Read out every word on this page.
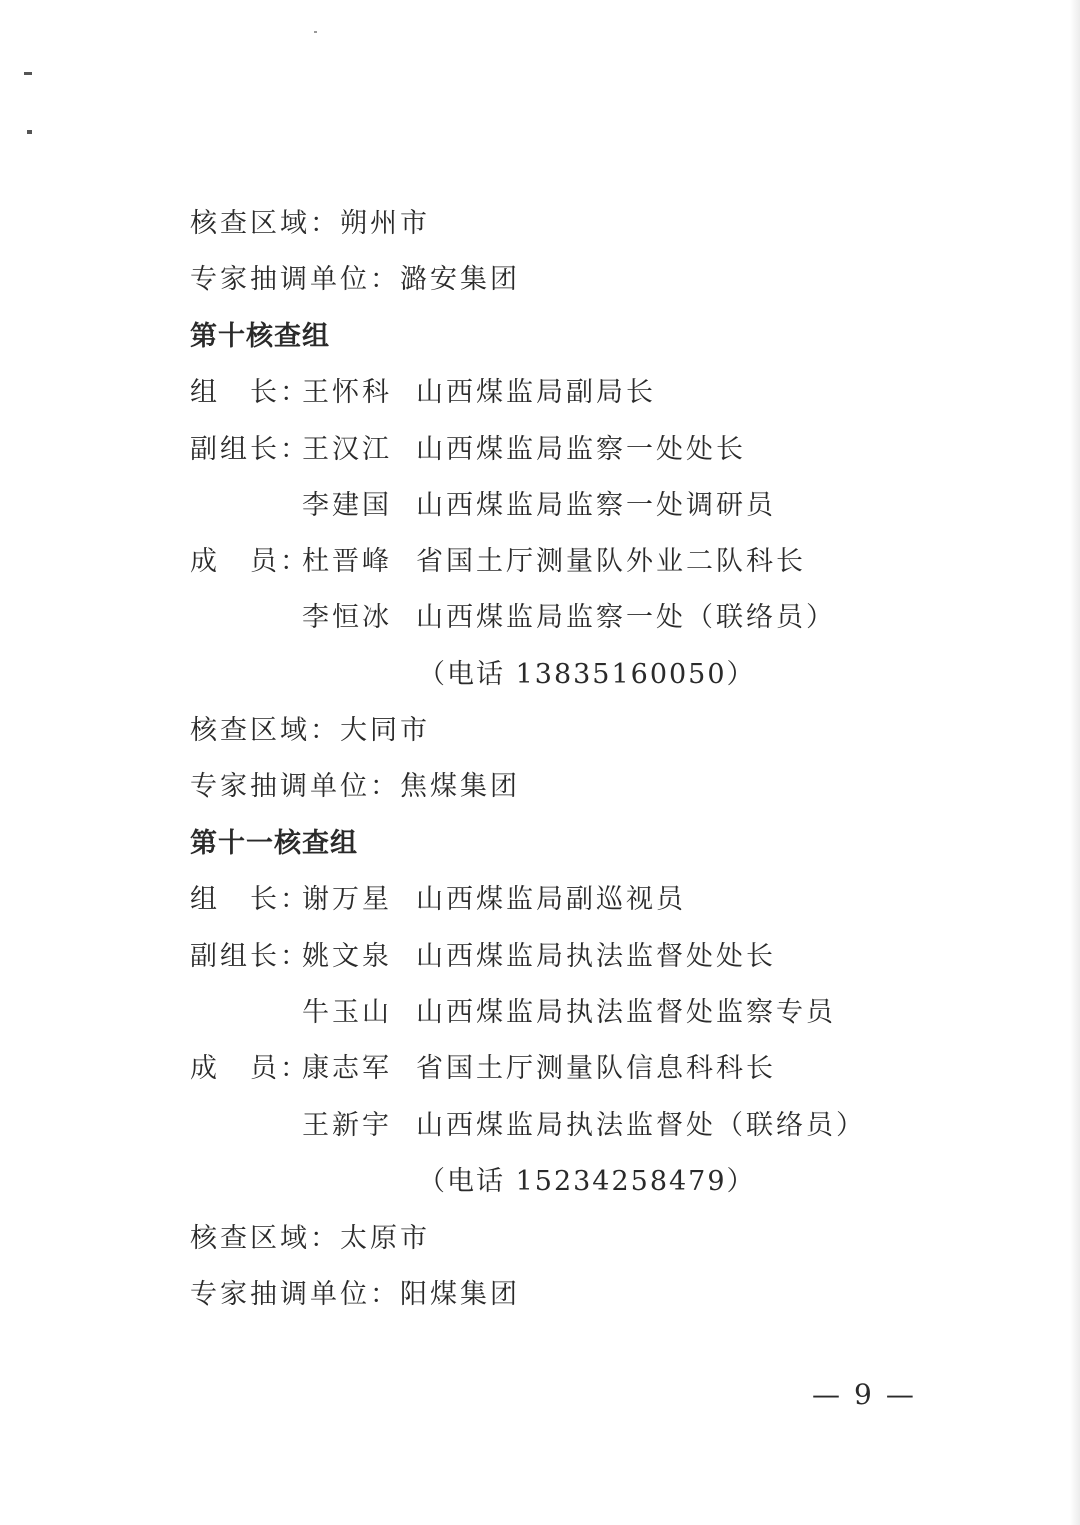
核查区域：朔州市
专家抽调单位：潞安集团
第十核查组
组　长：王怀科 山西煤监局副局长
副组长：王汉江 山西煤监局监察一处处长
李建国 山西煤监局监察一处调研员
成　员：杜晋峰 省国土厅测量队外业二队科长
李恒冰 山西煤监局监察一处（联络员）
（电话 13835160050）
核查区域：大同市
专家抽调单位：焦煤集团
第十一核查组
组　长：谢万星 山西煤监局副巡视员
副组长：姚文泉 山西煤监局执法监督处处长
牛玉山 山西煤监局执法监督处监察专员
成　员：康志军 省国土厅测量队信息科科长
王新宇 山西煤监局执法监督处（联络员）
（电话 15234258479）
核查区域：太原市
专家抽调单位：阳煤集团
—9—
